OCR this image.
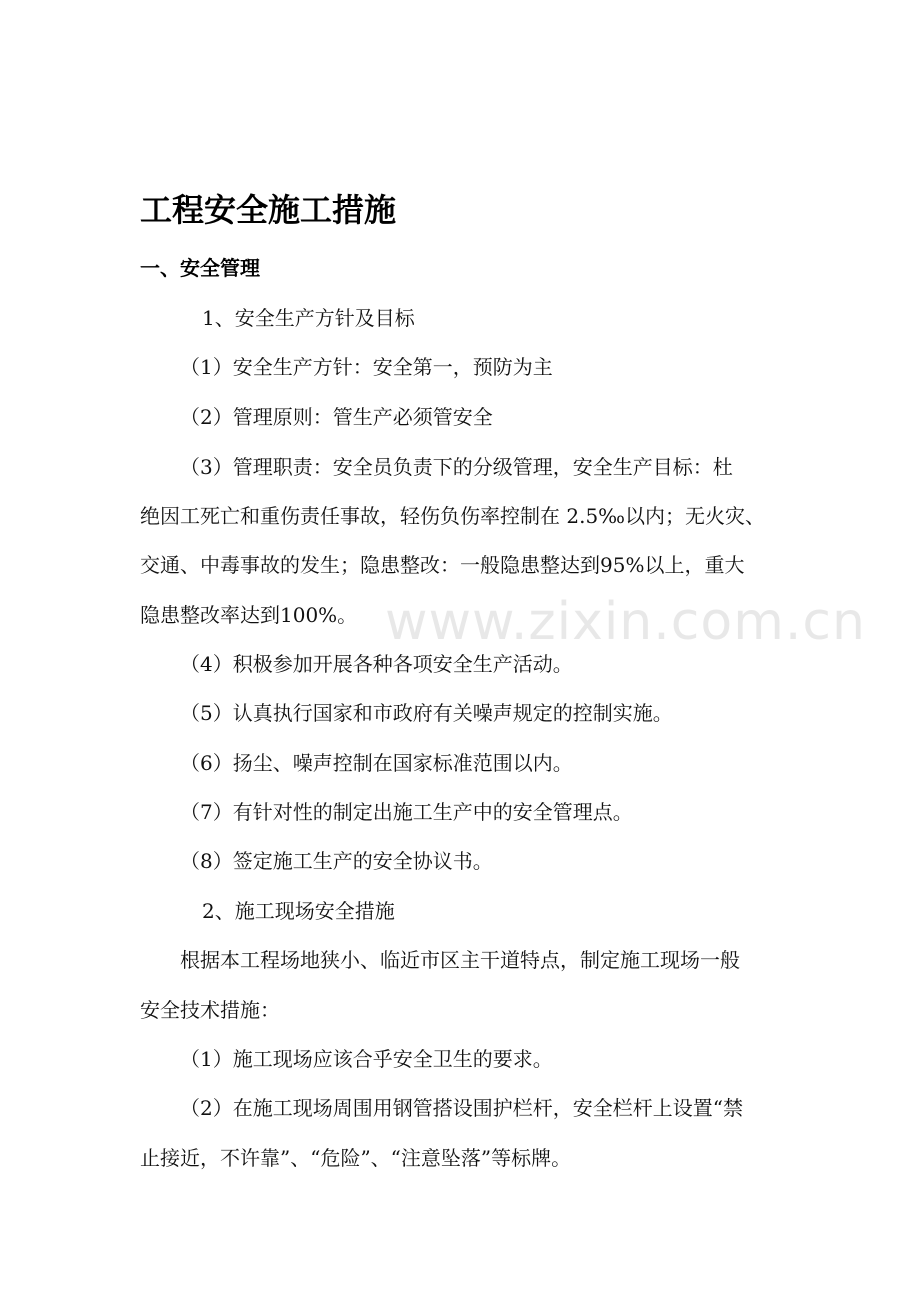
www.zixin.com.cn
工程安全施工措施
一、安全管理
1、安全生产方针及目标
（1）安全生产方针：安全第一，预防为主
（2）管理原则：管生产必须管安全
（3）管理职责：安全员负责下的分级管理，安全生产目标：杜
绝因工死亡和重伤责任事故，轻伤负伤率控制在 2.5‰以内；无火灾、
交通、中毒事故的发生；隐患整改：一般隐患整达到95%以上，重大
隐患整改率达到100%。
（4）积极参加开展各种各项安全生产活动。
（5）认真执行国家和市政府有关噪声规定的控制实施。
（6）扬尘、噪声控制在国家标准范围以内。
（7）有针对性的制定出施工生产中的安全管理点。
（8）签定施工生产的安全协议书。
2、施工现场安全措施
根据本工程场地狭小、临近市区主干道特点，制定施工现场一般
安全技术措施：
（1）施工现场应该合乎安全卫生的要求。
（2）在施工现场周围用钢管搭设围护栏杆，安全栏杆上设置“禁
止接近，不许靠”、“危险”、“注意坠落”等标牌。
